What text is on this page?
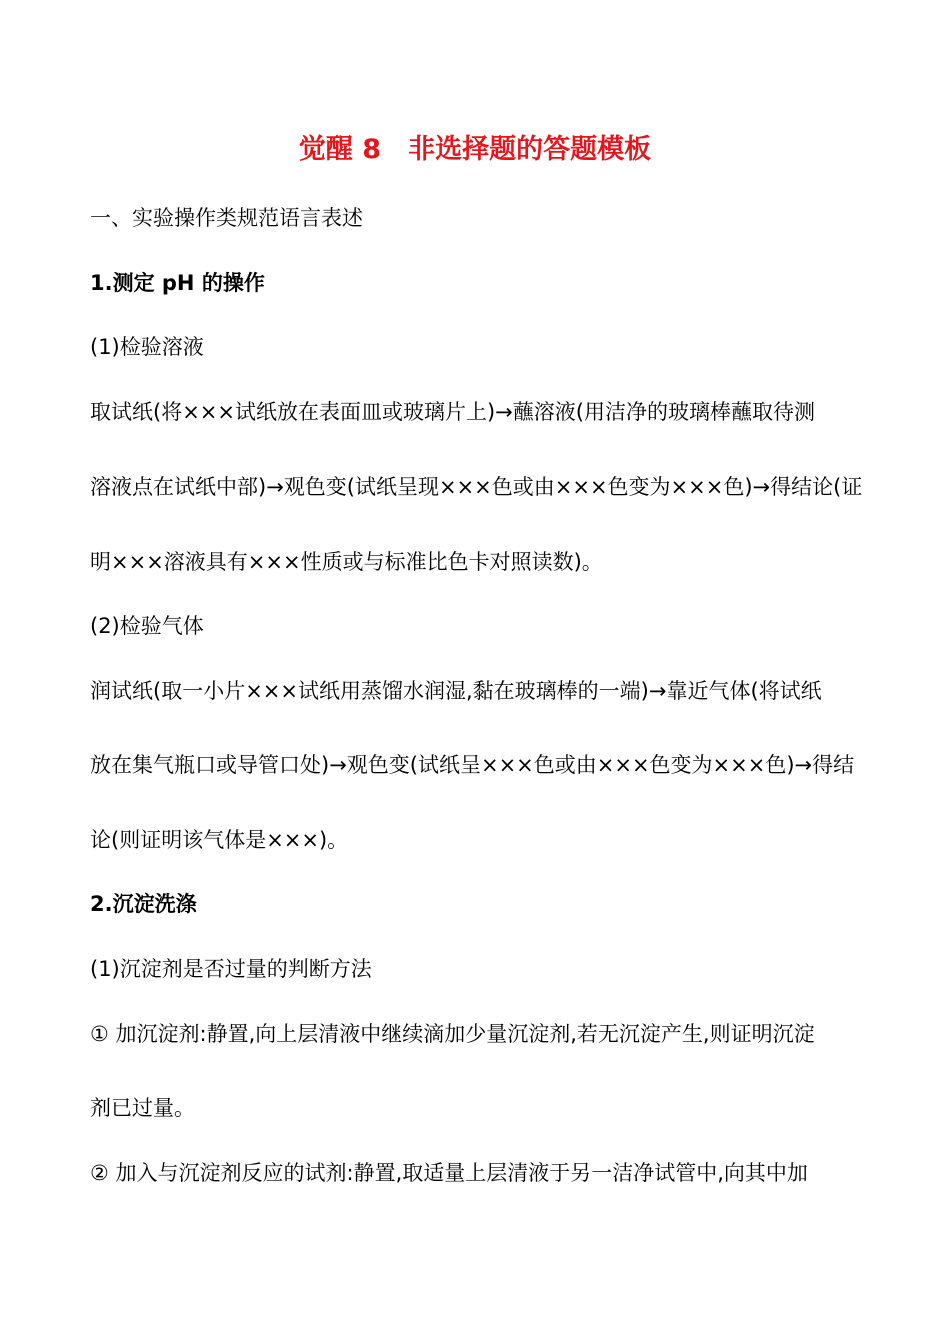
觉醒 8　非选择题的答题模板
一、实验操作类规范语言表述
1.测定 pH 的操作
(1)检验溶液
取试纸(将×××试纸放在表面皿或玻璃片上)→蘸溶液(用洁净的玻璃棒蘸取待测
溶液点在试纸中部)→观色变(试纸呈现×××色或由×××色变为×××色)→得结论(证
明×××溶液具有×××性质或与标准比色卡对照读数)。
(2)检验气体
润试纸(取一小片×××试纸用蒸馏水润湿,黏在玻璃棒的一端)→靠近气体(将试纸
放在集气瓶口或导管口处)→观色变(试纸呈×××色或由×××色变为×××色)→得结
论(则证明该气体是×××)。
2.沉淀洗涤
(1)沉淀剂是否过量的判断方法
① 加沉淀剂:静置,向上层清液中继续滴加少量沉淀剂,若无沉淀产生,则证明沉淀
剂已过量。
② 加入与沉淀剂反应的试剂:静置,取适量上层清液于另一洁净试管中,向其中加
